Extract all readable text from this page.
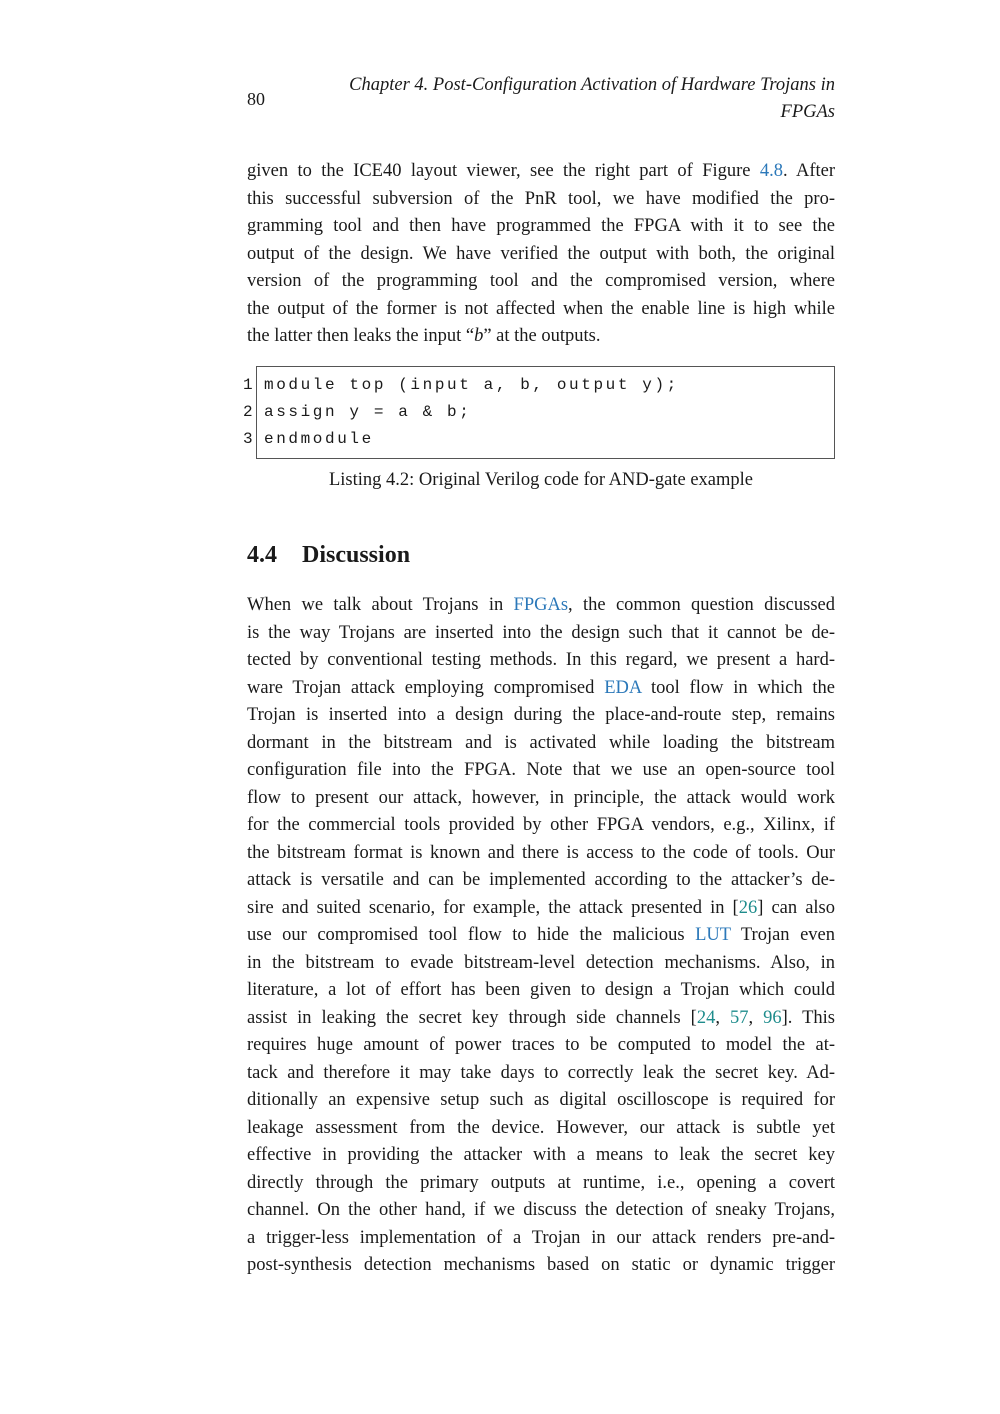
80
Chapter 4. Post-Configuration Activation of Hardware Trojans in
FPGAs
given to the ICE40 layout viewer, see the right part of Figure 4.8. After
this successful subversion of the PnR tool, we have modified the pro-
gramming tool and then have programmed the FPGA with it to see the
output of the design. We have verified the output with both, the original
version of the programming tool and the compromised version, where
the output of the former is not affected when the enable line is high while
the latter then leaks the input “b” at the outputs.
1 module top (input a, b, output y);
2 assign y = a & b;
3 endmodule
Listing 4.2: Original Verilog code for AND-gate example
4.4 Discussion
When we talk about Trojans in FPGAs, the common question discussed
is the way Trojans are inserted into the design such that it cannot be de-
tected by conventional testing methods. In this regard, we present a hard-
ware Trojan attack employing compromised EDA tool flow in which the
Trojan is inserted into a design during the place-and-route step, remains
dormant in the bitstream and is activated while loading the bitstream
configuration file into the FPGA. Note that we use an open-source tool
flow to present our attack, however, in principle, the attack would work
for the commercial tools provided by other FPGA vendors, e.g., Xilinx, if
the bitstream format is known and there is access to the code of tools. Our
attack is versatile and can be implemented according to the attacker’s de-
sire and suited scenario, for example, the attack presented in [26] can also
use our compromised tool flow to hide the malicious LUT Trojan even
in the bitstream to evade bitstream-level detection mechanisms. Also, in
literature, a lot of effort has been given to design a Trojan which could
assist in leaking the secret key through side channels [24, 57, 96]. This
requires huge amount of power traces to be computed to model the at-
tack and therefore it may take days to correctly leak the secret key. Ad-
ditionally an expensive setup such as digital oscilloscope is required for
leakage assessment from the device. However, our attack is subtle yet
effective in providing the attacker with a means to leak the secret key
directly through the primary outputs at runtime, i.e., opening a covert
channel. On the other hand, if we discuss the detection of sneaky Trojans,
a trigger-less implementation of a Trojan in our attack renders pre-and-
post-synthesis detection mechanisms based on static or dynamic trigger
